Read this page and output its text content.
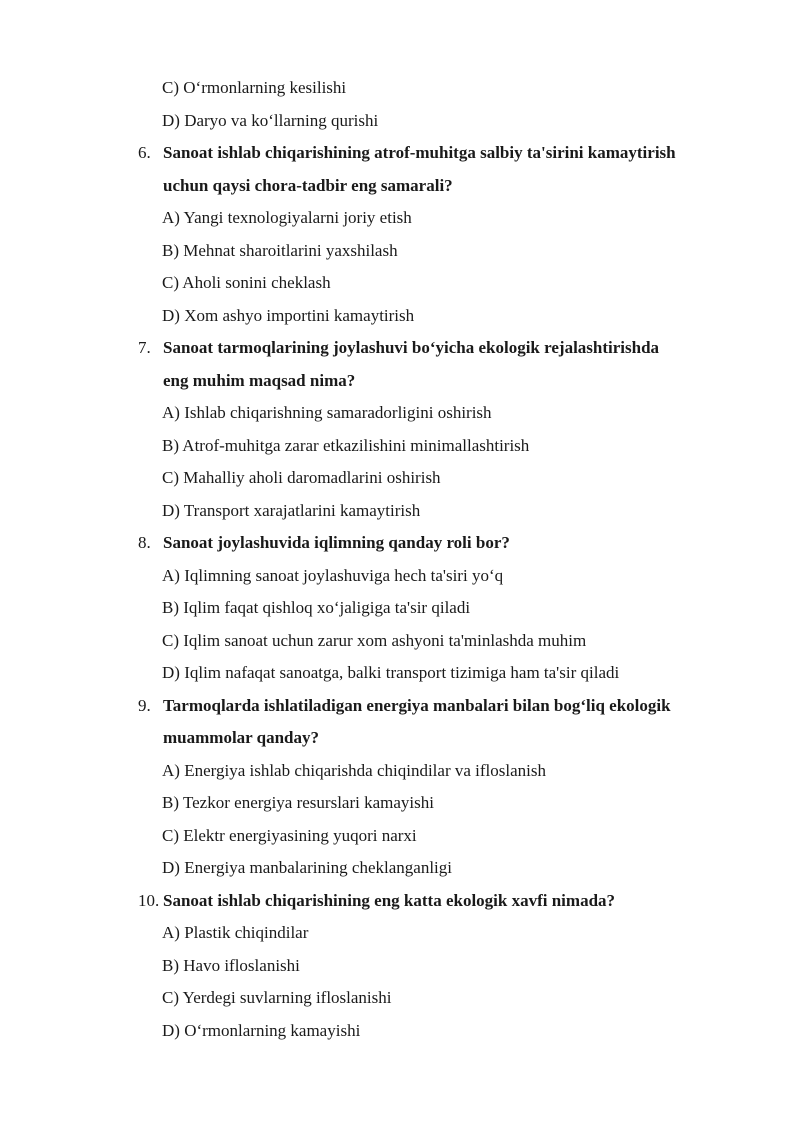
C) O‘rmonlarning kesilishi
D) Daryo va ko‘llarning qurishi
6. Sanoat ishlab chiqarishining atrof-muhitga salbiy ta'sirini kamaytirish
uchun qaysi chora-tadbir eng samarali?
A) Yangi texnologiyalarni joriy etish
B) Mehnat sharoitlarini yaxshilash
C) Aholi sonini cheklash
D) Xom ashyo importini kamaytirish
7. Sanoat tarmoqlarining joylashuvi bo‘yicha ekologik rejalashtirishda
eng muhim maqsad nima?
A) Ishlab chiqarishning samaradorligini oshirish
B) Atrof-muhitga zarar etkazilishini minimallashtirish
C) Mahalliy aholi daromadlarini oshirish
D) Transport xarajatlarini kamaytirish
8. Sanoat joylashuvida iqlimning qanday roli bor?
A) Iqlimning sanoat joylashuviga hech ta'siri yo‘q
B) Iqlim faqat qishloq xo‘jaligiga ta'sir qiladi
C) Iqlim sanoat uchun zarur xom ashyoni ta'minlashda muhim
D) Iqlim nafaqat sanoatga, balki transport tizimiga ham ta'sir qiladi
9. Tarmoqlarda ishlatiladigan energiya manbalari bilan bog‘liq ekologik
muammolar qanday?
A) Energiya ishlab chiqarishda chiqindilar va ifloslanish
B) Tezkor energiya resurslari kamayishi
C) Elektr energiyasining yuqori narxi
D) Energiya manbalarining cheklanganligi
10. Sanoat ishlab chiqarishining eng katta ekologik xavfi nimada?
A) Plastik chiqindilar
B) Havo ifloslanishi
C) Yerdegi suvlarning ifloslanishi
D) O‘rmonlarning kamayishi
